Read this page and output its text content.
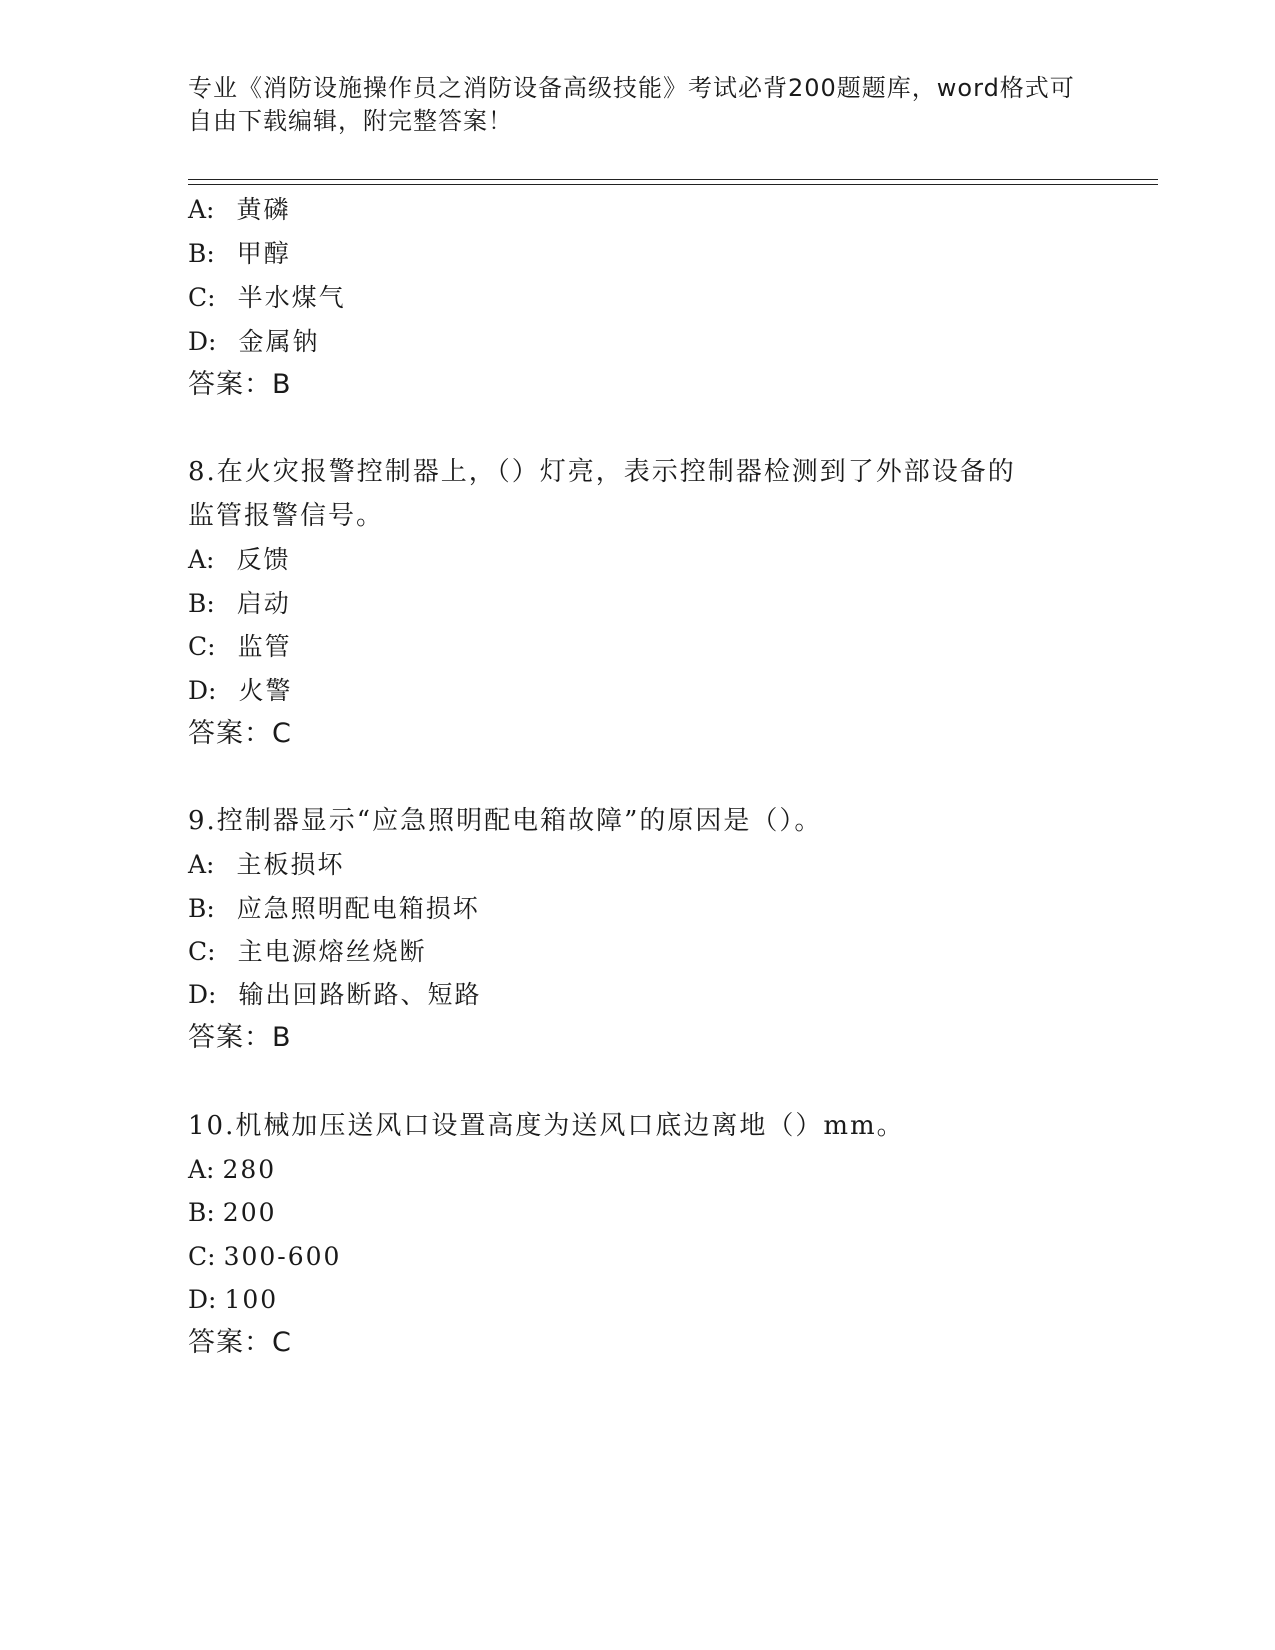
专业《消防设施操作员之消防设备高级技能》考试必背200题题库，word格式可
自由下载编辑，附完整答案！
A: 黄磷
B: 甲醇
C: 半水煤气
D: 金属钠
答案：B
8.在火灾报警控制器上，（）灯亮，表示控制器检测到了外部设备的
监管报警信号。
A: 反馈
B: 启动
C: 监管
D: 火警
答案：C
9.控制器显示“应急照明配电箱故障”的原因是（）。
A: 主板损坏
B: 应急照明配电箱损坏
C: 主电源熔丝烧断
D: 输出回路断路、短路
答案：B
10.机械加压送风口设置高度为送风口底边离地（）mm。
A: 280
B: 200
C: 300-600
D: 100
答案：C
